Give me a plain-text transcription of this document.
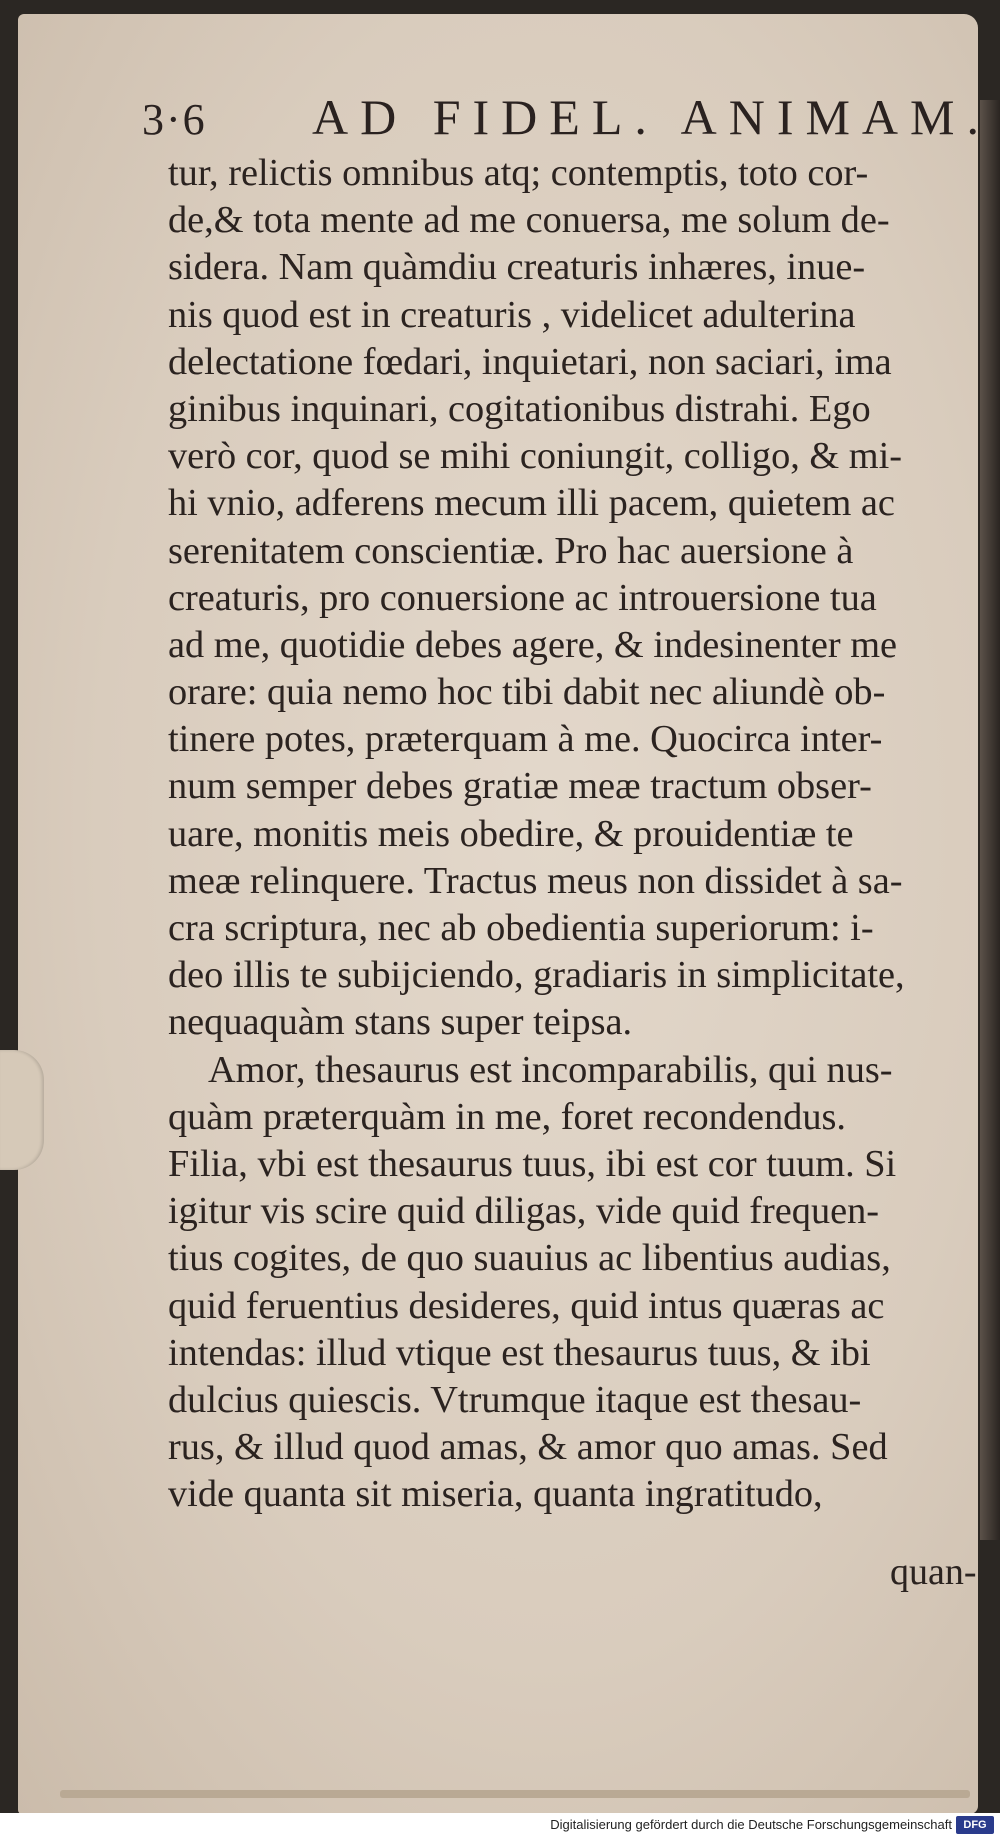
3·6 AD FIDEL. ANIMAM.
tur, relictis omnibus atq; contemptis, toto cor-
de,& tota mente ad me conuersa, me solum de-
sidera. Nam quàmdiu creaturis inhæres, inue-
nis quod est in creaturis , videlicet adulterina
delectatione fœdari, inquietari, non saciari, ima
ginibus inquinari, cogitationibus distrahi. Ego
verò cor, quod se mihi coniungit, colligo, & mi-
hi vnio, adferens mecum illi pacem, quietem ac
serenitatem conscientiæ. Pro hac auersione à
creaturis, pro conuersione ac introuersione tua
ad me, quotidie debes agere, & indesinenter me
orare: quia nemo hoc tibi dabit nec aliundè ob-
tinere potes, præterquam à me. Quocirca inter-
num semper debes gratiæ meæ tractum obser-
uare, monitis meis obedire, & prouidentiæ te
meæ relinquere. Tractus meus non dissidet à sa-
cra scriptura, nec ab obedientia superiorum: i-
deo illis te subijciendo, gradiaris in simplicitate,
nequaquàm stans super teipsa.
Amor, thesaurus est incomparabilis, qui nus-
quàm præterquàm in me, foret recondendus.
Filia, vbi est thesaurus tuus, ibi est cor tuum. Si
igitur vis scire quid diligas, vide quid frequen-
tius cogites, de quo suauius ac libentius audias,
quid feruentius desideres, quid intus quæras ac
intendas: illud vtique est thesaurus tuus, & ibi
dulcius quiescis. Vtrumque itaque est thesau-
rus, & illud quod amas, & amor quo amas. Sed
vide quanta sit miseria, quanta ingratitudo,
quan-
Digitalisierung gefördert durch die Deutsche Forschungsgemeinschaft	DFG
